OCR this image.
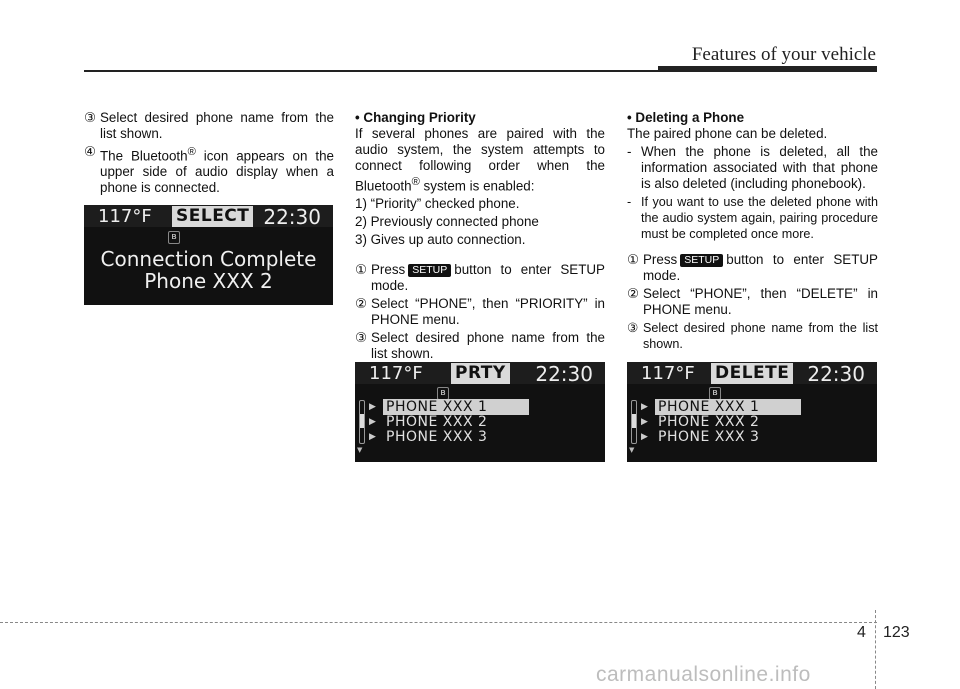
Features of your vehicle
③ Select desired phone name from the list shown.
④ The Bluetooth® icon appears on the upper side of audio display when a phone is connected.
117°F SELECT 22:30
ʙ
Connection Complete
Phone XXX 2
• Changing Priority
If several phones are paired with the audio system, the system attempts to connect following order when the Bluetooth® system is enabled:
1) “Priority” checked phone.
2) Previously connected phone
3) Gives up auto connection.
① Press SETUP button to enter SETUP mode.
② Select “PHONE”, then “PRIORITY” in PHONE menu.
③ Select desired phone name from the list shown.
117°F PRTY 22:30
ʙ
▼
▶ PHONE XXX 1
▶ PHONE XXX 2
▶ PHONE XXX 3
• Deleting a Phone
The paired phone can be deleted.
- When the phone is deleted, all the information associated with that phone is also deleted (including phonebook).
- If you want to use the deleted phone with the audio system again, pairing procedure must be completed once more.
① Press SETUP button to enter SETUP mode.
② Select “PHONE”, then “DELETE” in PHONE menu.
③ Select desired phone name from the list shown.
117°F DELETE 22:30
ʙ
▼
▶ PHONE XXX 1
▶ PHONE XXX 2
▶ PHONE XXX 3
4 123
carmanualsonline.info
